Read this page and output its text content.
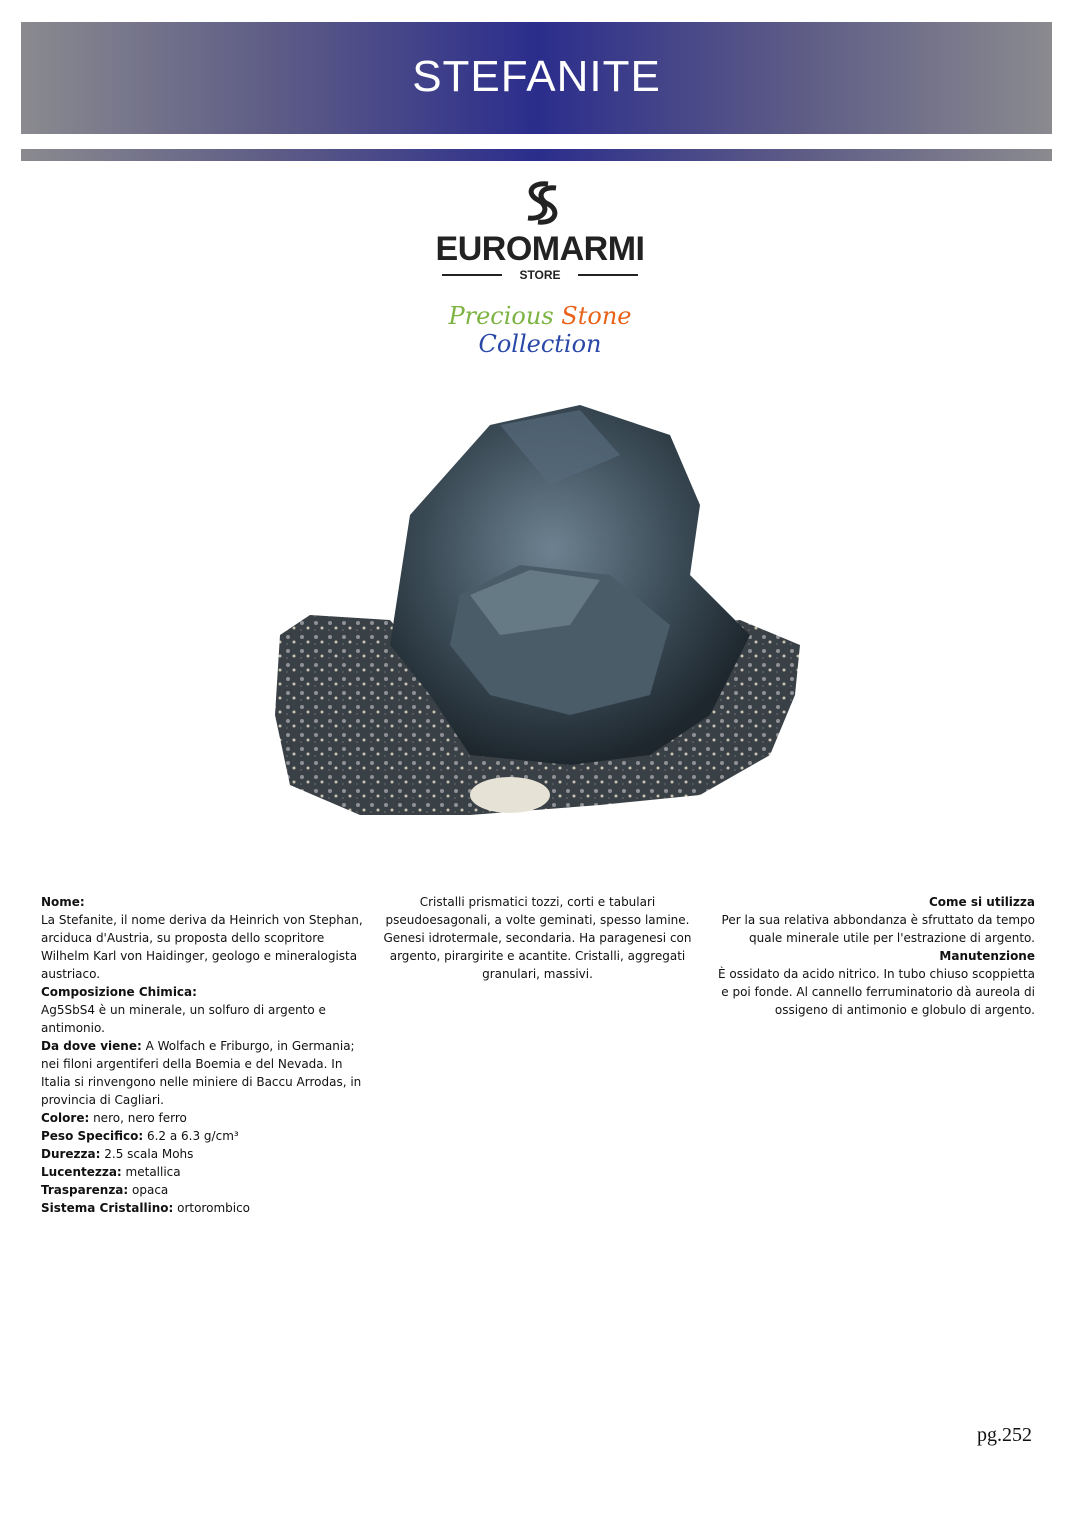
STEFANITE
EUROMARMI
STORE
Precious Stone Collection

Nome:

La Stefanite, il nome deriva da Heinrich von Stephan, arciduca d'Austria, su proposta dello scopritore Wilhelm Karl von Haidinger, geologo e mineralogista austriaco.

Composizione Chimica:

Ag5SbS4 è un minerale, un solfuro di argento e antimonio.

Da dove viene: A Wolfach e Friburgo, in Germania; nei filoni argentiferi della Boemia e del Nevada. In Italia si rinvengono nelle miniere di Baccu Arrodas, in provincia di Cagliari.

Colore: nero, nero ferro

Peso Specifico: 6.2 a 6.3 g/cm³

Durezza: 2.5 scala Mohs

Lucentezza: metallica

Trasparenza: opaca

Sistema Cristallino: ortorombico

Cristalli prismatici tozzi, corti e tabulari pseudoesagonali, a volte geminati, spesso lamine. Genesi idrotermale, secondaria. Ha paragenesi con argento, pirargirite e acantite. Cristalli, aggregati granulari, massivi.

Come si utilizza

Per la sua relativa abbondanza è sfruttato da tempo quale minerale utile per l'estrazione di argento.

Manutenzione

È ossidato da acido nitrico. In tubo chiuso scoppietta e poi fonde. Al cannello ferruminatorio dà aureola di ossigeno di antimonio e globulo di argento.

pg.252
